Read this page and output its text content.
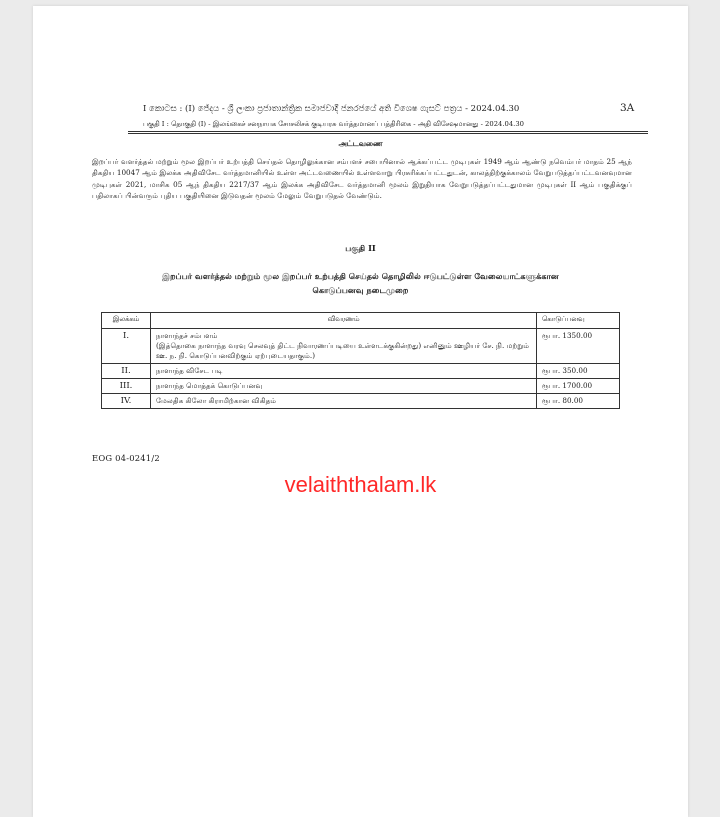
I කොටස : (I) ජේදය - ශ්‍රී ලංකා ප්‍රජාතාන්ත්‍රික සමාජවාදී ජනරජයේ අති විශෙෂ ගැසට් පත්‍රය - 2024.04.30	3A
பகுதி I : தொகுதி (I) - இலங்கைச் சனநாயக சோசலிசக் குடியரசு வர்த்தமானப் பத்திரிகை - அதி விசேஷமானது - 2024.04.30
அட்டவணை
இறப்பர் வளர்த்தல் மற்றும் மூல இறப்பர் உற்பத்தி செய்தல் தொழிலுக்கான சம்பளச் சபையினால் ஆக்கப்பட்ட முடிபுகள் 1949 ஆம் ஆண்டு நவெம்பர் மாதம் 25 ஆந் திகதிய 10047 ஆம் இலக்க அதிவிசேட வர்த்தமானியில் உள்ள அட்டவணையில் உள்ளவாறு பிரசுரிக்கப்பட்டதுடன், காலத்திற்குக்காலம் வேறுபடுத்தப்பட்டவனவுமான முடிபுகள் 2021, மாசிக 05 ஆந் திகதிய 2217/37 ஆம் இலக்க அதிவிசேட வர்த்தமானி மூலம் இறுதியாக வேறுபடுத்தப்பட்டதுமான முடிபுகள் II ஆம் பகுதிக்குப் பதிலாகப் பின்வரும் புதிய பகுதியினை இடுவதன் மூலம் மேலும் வேறுபடுதல் வேண்டும்.
பகுதி II
இறப்பர் வளர்த்தல் மற்றும் மூல இறப்பர் உற்பத்தி செய்தல் தொழிலில் ஈடுபட்டுள்ள வேலையாட்களுக்கான
கொடுப்பனவு நடைமுறை
இலக்கம்	விவரணம்	கொடுப்பனவு
I.	நாளாந்தச் சம்பளம்
(இத்தொகை நாளாந்த வரவு செலவுத் திட்ட நிவாரணப்படியை உள்ளடக்குகின்றது) எனினும் ஊழியர் சே. நி. மற்றும் ஊ. ந. நி. கொடுப்பனவிற்கும் ஏற்புடையதாகும்.)	ரூபா. 1350.00
II.	நாளாந்த விசேட படி	ரூபா. 350.00
III.	நாளாந்த மொத்தக் கொடுப்பனவு	ரூபா. 1700.00
IV.	மேலதிக கிலோ கிராமிற்கான விகிதம்	ரூபா. 80.00
EOG 04-0241/2
velaiththalam.lk
